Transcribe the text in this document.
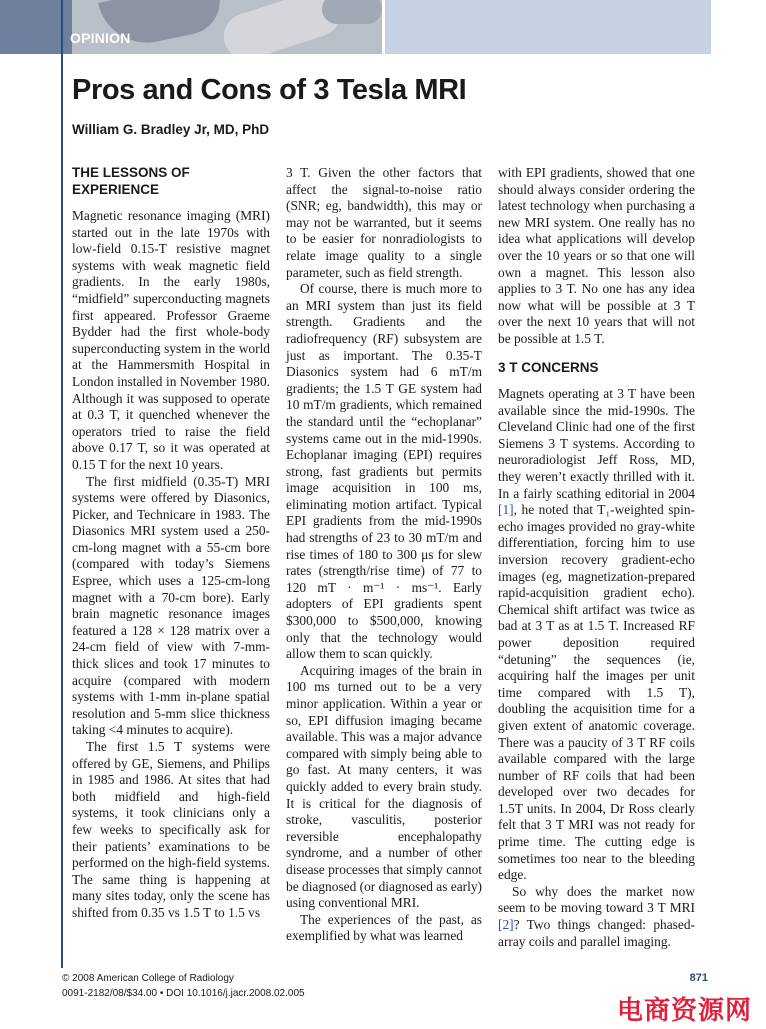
OPINION
Pros and Cons of 3 Tesla MRI
William G. Bradley Jr, MD, PhD
THE LESSONS OF EXPERIENCE

Magnetic resonance imaging (MRI) started out in the late 1970s with low-field 0.15-T resistive magnet systems with weak magnetic field gradients. In the early 1980s, “midfield” superconducting magnets first appeared. Professor Graeme Bydder had the first whole-body superconducting system in the world at the Hammersmith Hospital in London installed in November 1980. Although it was supposed to operate at 0.3 T, it quenched whenever the operators tried to raise the field above 0.17 T, so it was operated at 0.15 T for the next 10 years.

The first midfield (0.35-T) MRI systems were offered by Diasonics, Picker, and Technicare in 1983. The Diasonics MRI system used a 250-cm-long magnet with a 55-cm bore (compared with today’s Siemens Espree, which uses a 125-cm-long magnet with a 70-cm bore). Early brain magnetic resonance images featured a 128 × 128 matrix over a 24-cm field of view with 7-mm-thick slices and took 17 minutes to acquire (compared with modern systems with 1-mm in-plane spatial resolution and 5-mm slice thickness taking <4 minutes to acquire).

The first 1.5 T systems were offered by GE, Siemens, and Philips in 1985 and 1986. At sites that had both midfield and high-field systems, it took clinicians only a few weeks to specifically ask for their patients’ examinations to be performed on the high-field systems. The same thing is happening at many sites today, only the scene has shifted from 0.35 vs 1.5 T to 1.5 vs

3 T. Given the other factors that affect the signal-to-noise ratio (SNR; eg, bandwidth), this may or may not be warranted, but it seems to be easier for nonradiologists to relate image quality to a single parameter, such as field strength.

Of course, there is much more to an MRI system than just its field strength. Gradients and the radiofrequency (RF) subsystem are just as important. The 0.35-T Diasonics system had 6 mT/m gradients; the 1.5 T GE system had 10 mT/m gradients, which remained the standard until the “echoplanar” systems came out in the mid-1990s. Echoplanar imaging (EPI) requires strong, fast gradients but permits image acquisition in 100 ms, eliminating motion artifact. Typical EPI gradients from the mid-1990s had strengths of 23 to 30 mT/m and rise times of 180 to 300 μs for slew rates (strength/rise time) of 77 to 120 mT · m⁻¹ · ms⁻¹. Early adopters of EPI gradients spent $300,000 to $500,000, knowing only that the technology would allow them to scan quickly.

Acquiring images of the brain in 100 ms turned out to be a very minor application. Within a year or so, EPI diffusion imaging became available. This was a major advance compared with simply being able to go fast. At many centers, it was quickly added to every brain study. It is critical for the diagnosis of stroke, vasculitis, posterior reversible encephalopathy syndrome, and a number of other disease processes that simply cannot be diagnosed (or diagnosed as early) using conventional MRI.

The experiences of the past, as exemplified by what was learned

with EPI gradients, showed that one should always consider ordering the latest technology when purchasing a new MRI system. One really has no idea what applications will develop over the 10 years or so that one will own a magnet. This lesson also applies to 3 T. No one has any idea now what will be possible at 3 T over the next 10 years that will not be possible at 1.5 T.

3 T CONCERNS

Magnets operating at 3 T have been available since the mid-1990s. The Cleveland Clinic had one of the first Siemens 3 T systems. According to neuroradiologist Jeff Ross, MD, they weren’t exactly thrilled with it. In a fairly scathing editorial in 2004 [1], he noted that T₁-weighted spin-echo images provided no gray-white differentiation, forcing him to use inversion recovery gradient-echo images (eg, magnetization-prepared rapid-acquisition gradient echo). Chemical shift artifact was twice as bad at 3 T as at 1.5 T. Increased RF power deposition required “detuning” the sequences (ie, acquiring half the images per unit time compared with 1.5 T), doubling the acquisition time for a given extent of anatomic coverage. There was a paucity of 3 T RF coils available compared with the large number of RF coils that had been developed over two decades for 1.5T units. In 2004, Dr Ross clearly felt that 3 T MRI was not ready for prime time. The cutting edge is sometimes too near to the bleeding edge.

So why does the market now seem to be moving toward 3 T MRI [2]? Two things changed: phased-array coils and parallel imaging.

© 2008 American College of Radiology
0091-2182/08/$34.00 • DOI 10.1016/j.jacr.2008.02.005
871
电商资源网
